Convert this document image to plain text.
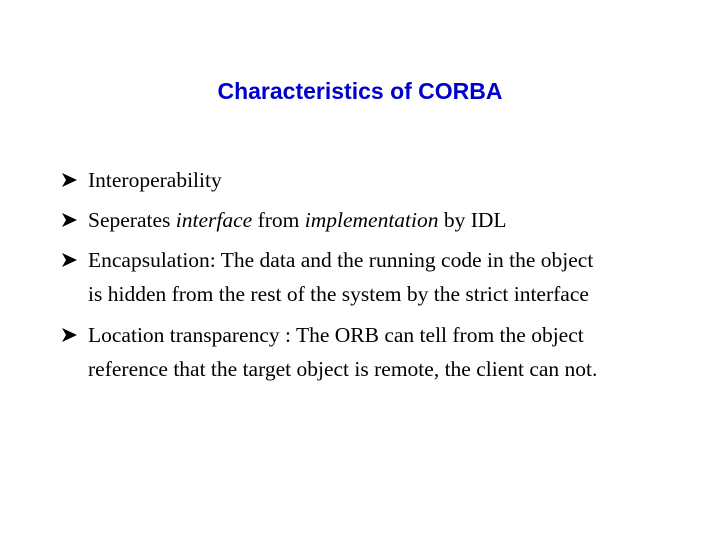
Characteristics of CORBA
Interoperability
Seperates interface from implementation by IDL
Encapsulation: The data and the running code in the object
is hidden from the rest of the system by the strict interface
Location transparency : The ORB can tell from the object
reference that the target object is remote, the client can not.
